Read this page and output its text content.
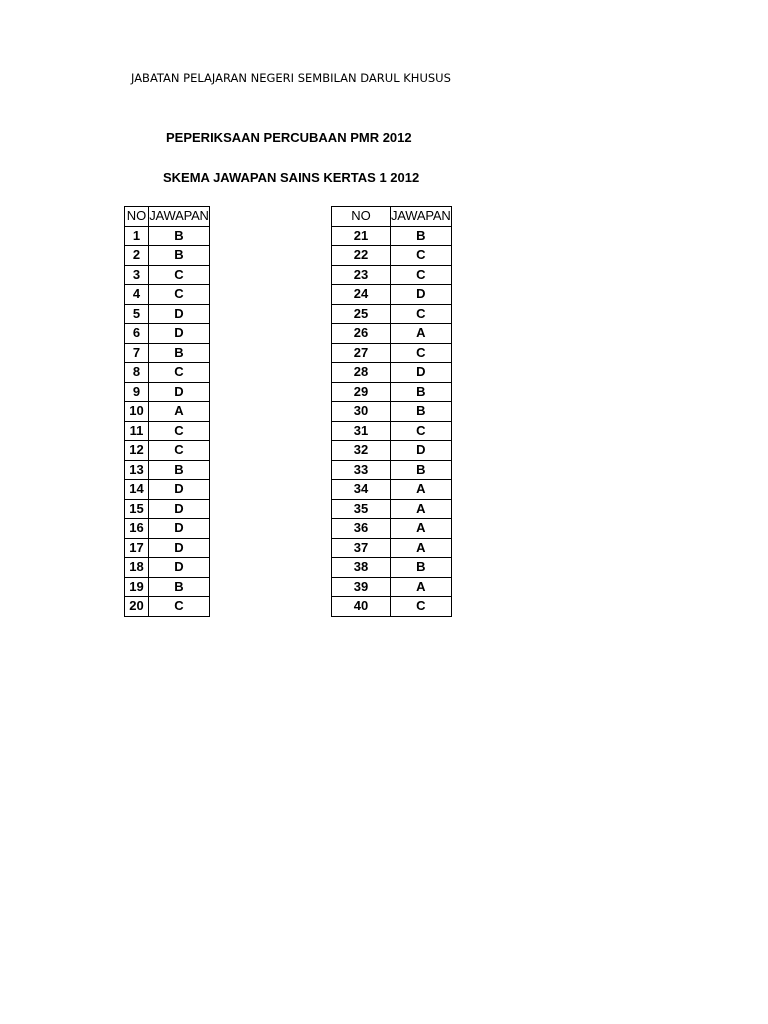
JABATAN PELAJARAN NEGERI SEMBILAN DARUL KHUSUS
PEPERIKSAAN PERCUBAAN PMR 2012
SKEMA JAWAPAN SAINS KERTAS 1 2012
NO	JAWAPAN
1	B
2	B
3	C
4	C
5	D
6	D
7	B
8	C
9	D
10	A
11	C
12	C
13	B
14	D
15	D
16	D
17	D
18	D
19	B
20	C
NO	JAWAPAN
21	B
22	C
23	C
24	D
25	C
26	A
27	C
28	D
29	B
30	B
31	C
32	D
33	B
34	A
35	A
36	A
37	A
38	B
39	A
40	C
